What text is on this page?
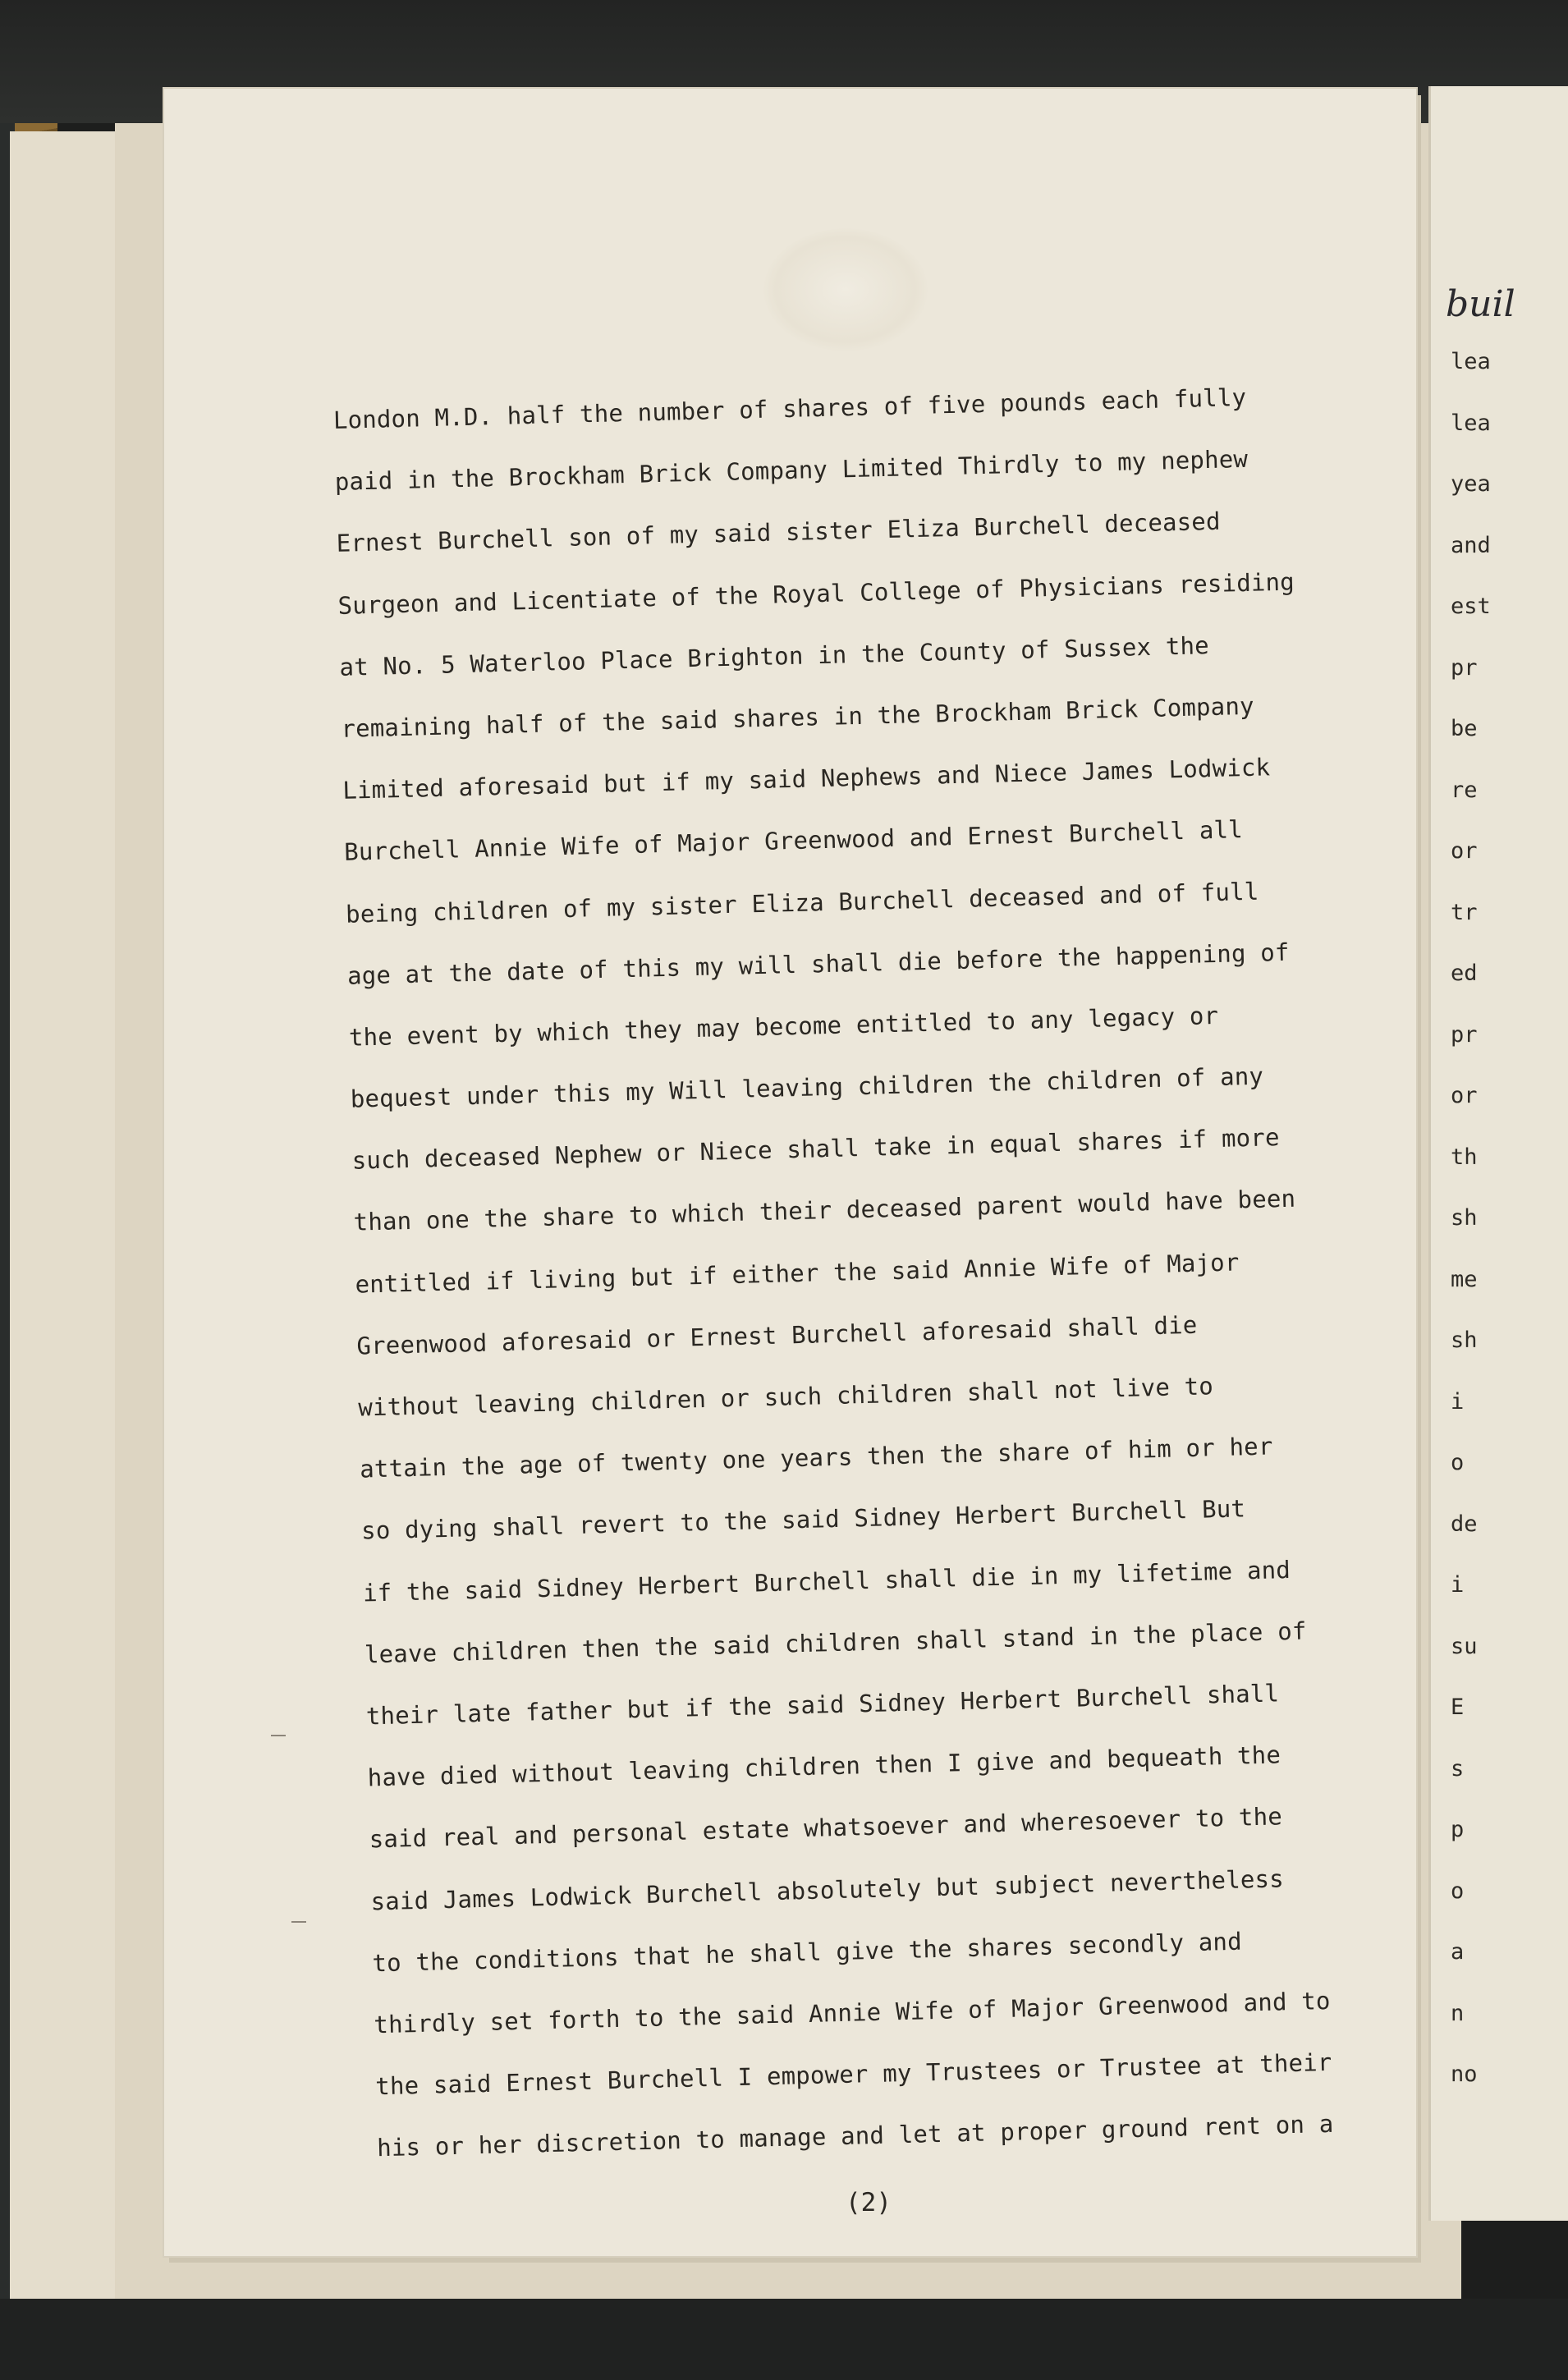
buil
lea
lea
yea
and
est
pr
be
re
or
tr
ed
pr
or
th
sh
me
sh
i
o
de
i
su
E
s
p
o
a
n
no
London M.D. half the number of shares of five pounds each fully
paid in the Brockham Brick Company Limited Thirdly to my nephew
Ernest Burchell son of my said sister Eliza Burchell deceased
Surgeon and Licentiate of the Royal College of Physicians residing
at No. 5 Waterloo Place Brighton in the County of Sussex the
remaining half of the said shares in the Brockham Brick Company
Limited aforesaid but if my said Nephews and Niece James Lodwick
Burchell Annie Wife of Major Greenwood and Ernest Burchell all
being children of my sister Eliza Burchell deceased and of full
age at the date of this my will shall die before the happening of
the event by which they may become entitled to any legacy or
bequest under this my Will leaving children the children of any
such deceased Nephew or Niece shall take in equal shares if more
than one the share to which their deceased parent would have been
entitled if living but if either the said Annie Wife of Major
Greenwood aforesaid or Ernest Burchell aforesaid shall die
without leaving children or such children shall not live to
attain the age of twenty one years then the share of him or her
so dying shall revert to the said Sidney Herbert Burchell But
if the said Sidney Herbert Burchell shall die in my lifetime and
leave children then the said children shall stand in the place of
their late father but if the said Sidney Herbert Burchell shall
have died without leaving children then I give and bequeath the
said real and personal estate whatsoever and wheresoever to the
said James Lodwick Burchell absolutely but subject nevertheless
to the conditions that he shall give the shares secondly and
thirdly set forth to the said Annie Wife of Major Greenwood and to
the said Ernest Burchell I empower my Trustees or Trustee at their
his or her discretion to manage and let at proper ground rent on a
(2)
